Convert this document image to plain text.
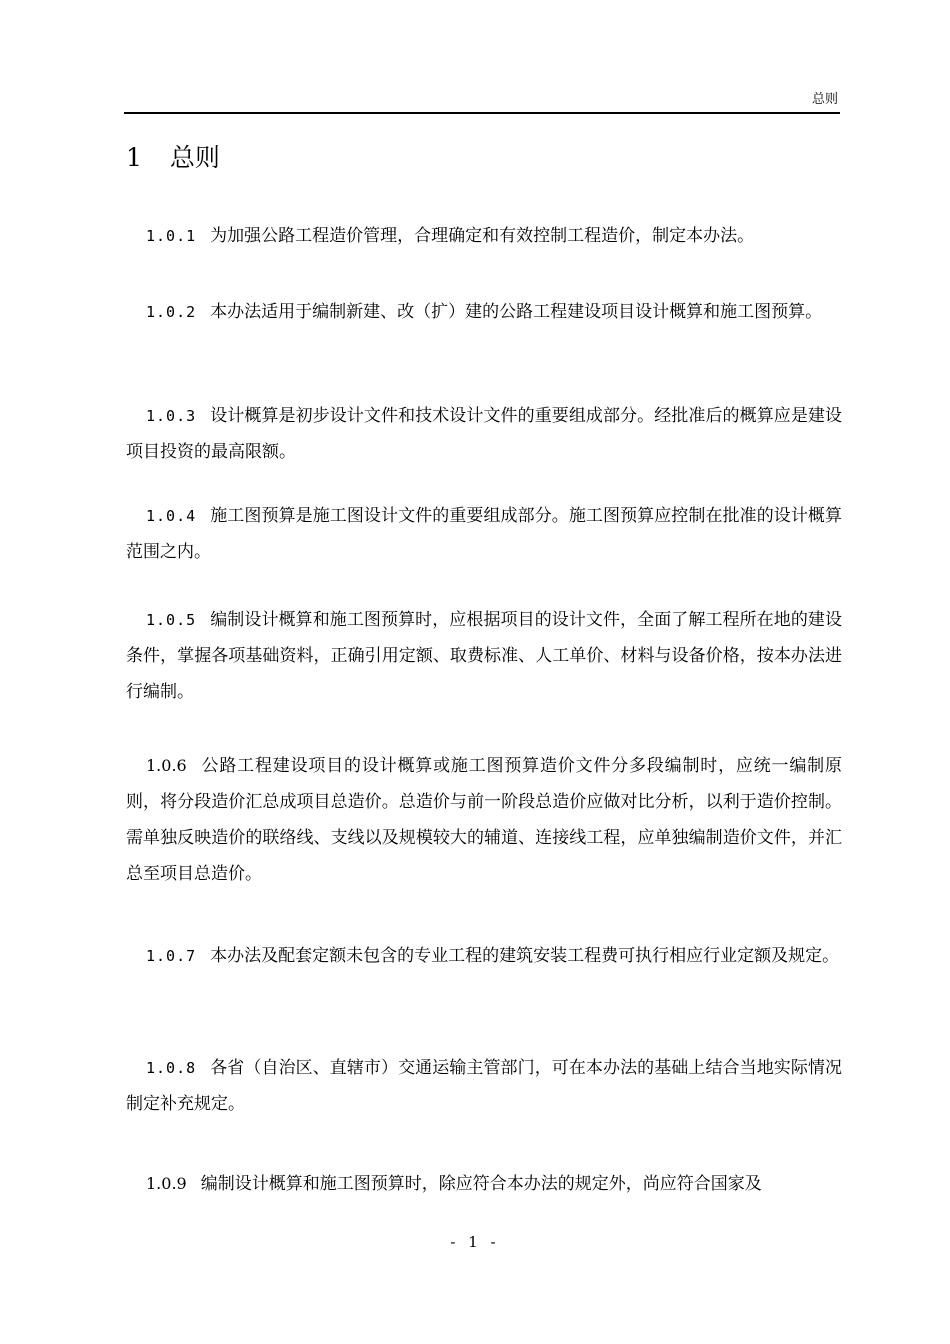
总则
1 总则
1.0.1 为加强公路工程造价管理，合理确定和有效控制工程造价，制定本办法。
1.0.2 本办法适用于编制新建、改（扩）建的公路工程建设项目设计概算和施工图预算。
1.0.3 设计概算是初步设计文件和技术设计文件的重要组成部分。经批准后的概算应是建设项目投资的最高限额。
1.0.4 施工图预算是施工图设计文件的重要组成部分。施工图预算应控制在批准的设计概算范围之内。
1.0.5 编制设计概算和施工图预算时，应根据项目的设计文件，全面了解工程所在地的建设条件，掌握各项基础资料，正确引用定额、取费标准、人工单价、材料与设备价格，按本办法进行编制。
1.0.6 公路工程建设项目的设计概算或施工图预算造价文件分多段编制时，应统一编制原则，将分段造价汇总成项目总造价。总造价与前一阶段总造价应做对比分析，以利于造价控制。需单独反映造价的联络线、支线以及规模较大的辅道、连接线工程，应单独编制造价文件，并汇总至项目总造价。
1.0.7 本办法及配套定额未包含的专业工程的建筑安装工程费可执行相应行业定额及规定。
1.0.8 各省（自治区、直辖市）交通运输主管部门，可在本办法的基础上结合当地实际情况制定补充规定。
1.0.9 编制设计概算和施工图预算时，除应符合本办法的规定外，尚应符合国家及
- 1 -
